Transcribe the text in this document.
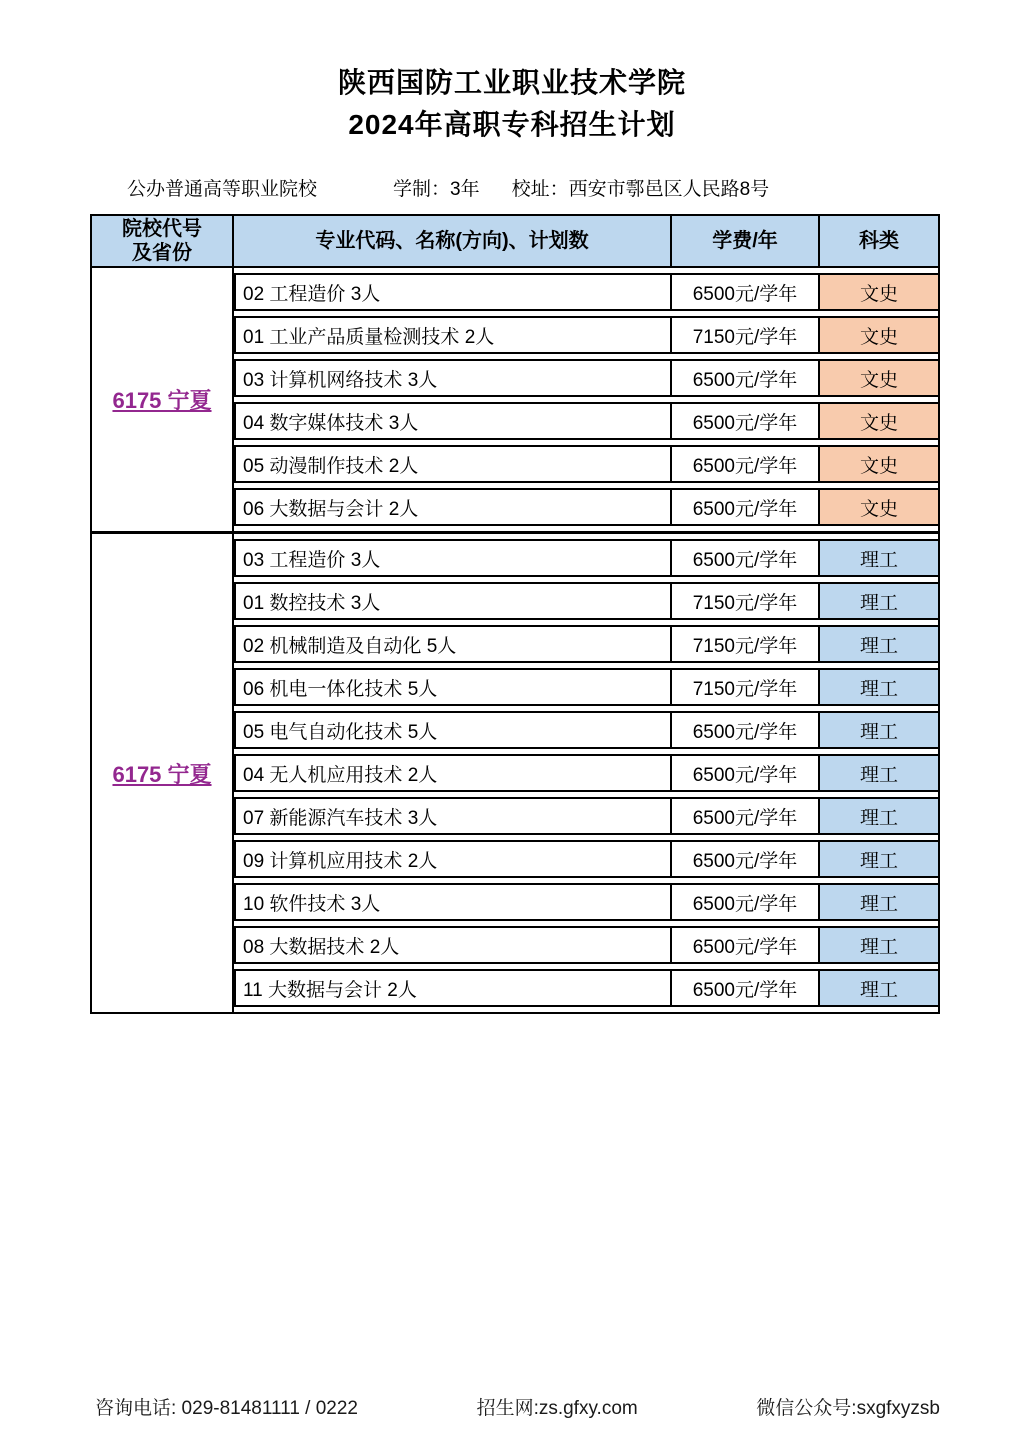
陕西国防工业职业技术学院
2024年高职专科招生计划
公办普通高等职业院校	学制：3年 校址：西安市鄠邑区人民路8号
院校代号
及省份
专业代码、名称(方向)、计划数	学费/年	科类
6175 宁夏
02 工程造价 3人	6500元/学年	文史
01 工业产品质量检测技术 2人	7150元/学年	文史
03 计算机网络技术 3人	6500元/学年	文史
04 数字媒体技术 3人	6500元/学年	文史
05 动漫制作技术 2人	6500元/学年	文史
06 大数据与会计 2人	6500元/学年	文史
6175 宁夏
03 工程造价 3人	6500元/学年	理工
01 数控技术 3人	7150元/学年	理工
02 机械制造及自动化 5人	7150元/学年	理工
06 机电一体化技术 5人	7150元/学年	理工
05 电气自动化技术 5人	6500元/学年	理工
04 无人机应用技术 2人	6500元/学年	理工
07 新能源汽车技术 3人	6500元/学年	理工
09 计算机应用技术 2人	6500元/学年	理工
10 软件技术 3人	6500元/学年	理工
08 大数据技术 2人	6500元/学年	理工
11 大数据与会计 2人	6500元/学年	理工
咨询电话: 029-81481111 / 0222	招生网:zs.gfxy.com	微信公众号:sxgfxyzsb
